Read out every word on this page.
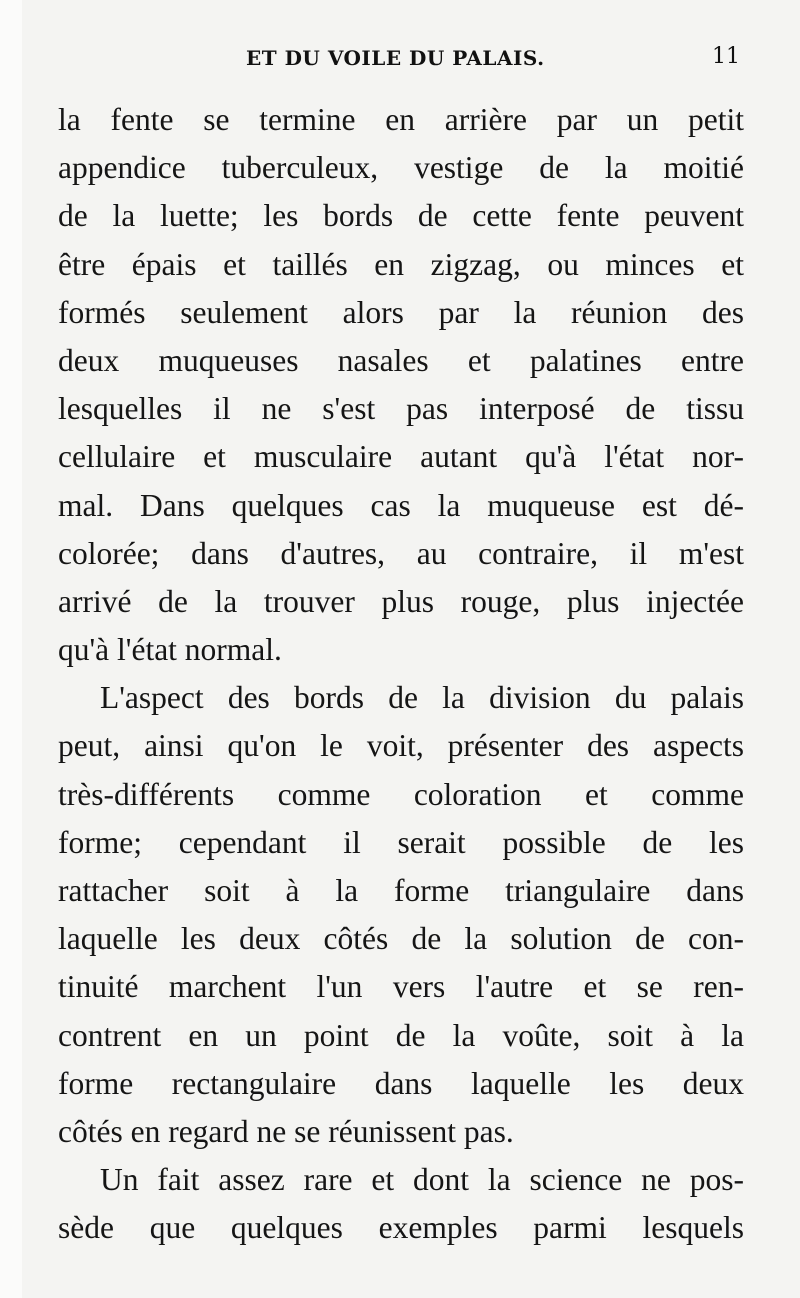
ET DU VOILE DU PALAIS.	11
la fente se termine en arrière par un petit
appendice tuberculeux, vestige de la moitié
de la luette; les bords de cette fente peuvent
être épais et taillés en zigzag, ou minces et
formés seulement alors par la réunion des
deux muqueuses nasales et palatines entre
lesquelles il ne s'est pas interposé de tissu
cellulaire et musculaire autant qu'à l'état nor-
mal. Dans quelques cas la muqueuse est dé-
colorée; dans d'autres, au contraire, il m'est
arrivé de la trouver plus rouge, plus injectée
qu'à l'état normal.
L'aspect des bords de la division du palais
peut, ainsi qu'on le voit, présenter des aspects
très-différents comme coloration et comme
forme; cependant il serait possible de les
rattacher soit à la forme triangulaire dans
laquelle les deux côtés de la solution de con-
tinuité marchent l'un vers l'autre et se ren-
contrent en un point de la voûte, soit à la
forme rectangulaire dans laquelle les deux
côtés en regard ne se réunissent pas.
Un fait assez rare et dont la science ne pos-
sède que quelques exemples parmi lesquels
